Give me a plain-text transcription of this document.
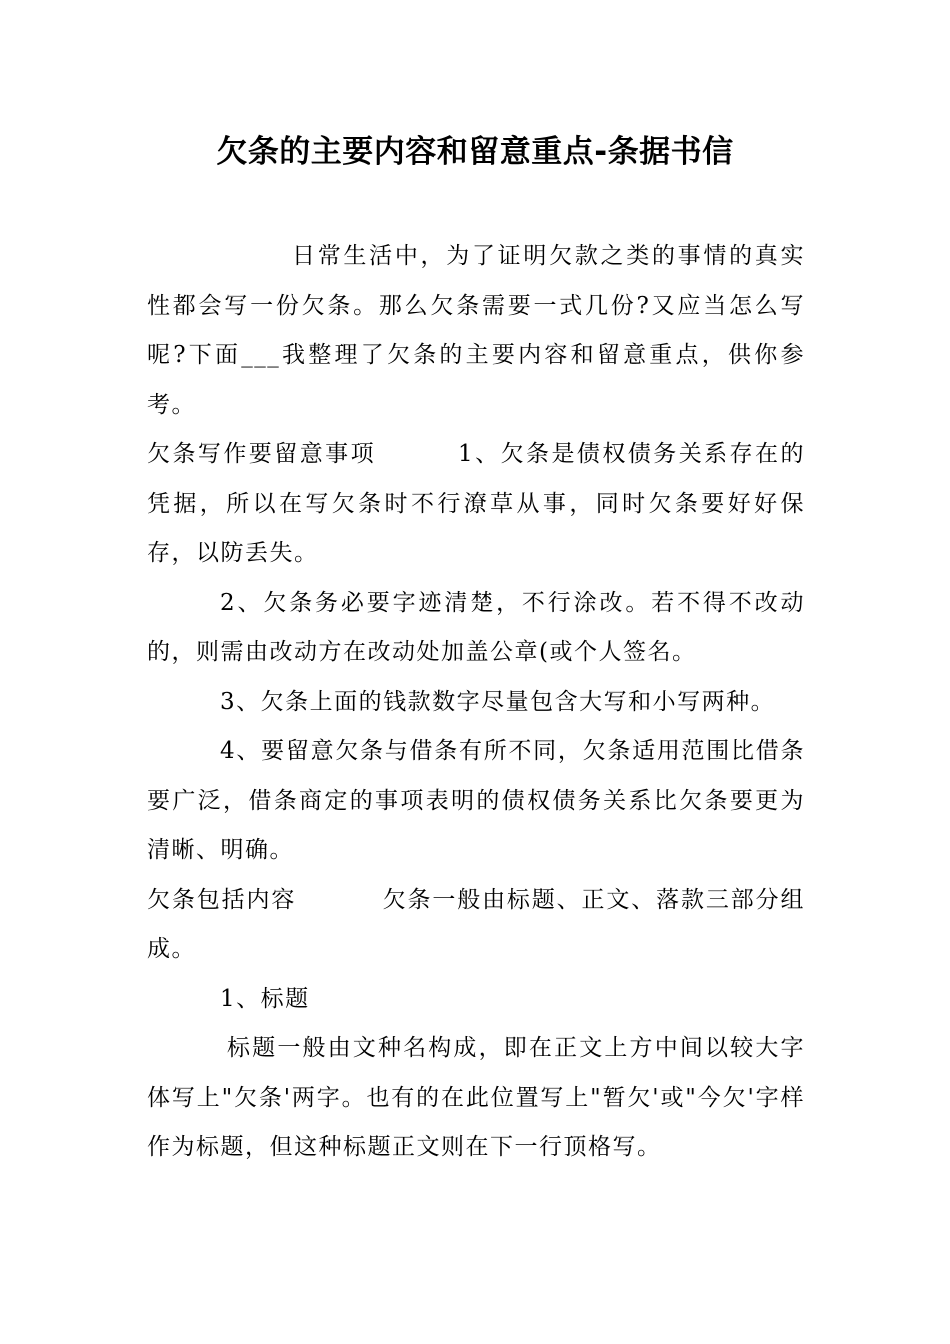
欠条的主要内容和留意重点-条据书信

日常生活中，为了证明欠款之类的事情的真实性都会写一份欠条。那么欠条需要一式几份?又应当怎么写呢?下面___我整理了欠条的主要内容和留意重点，供你参考。

欠条写作要留意事项	1、欠条是债权债务关系存在的凭据，所以在写欠条时不行潦草从事，同时欠条要好好保存，以防丢失。

2、欠条务必要字迹清楚，不行涂改。若不得不改动的，则需由改动方在改动处加盖公章(或个人签名。

3、欠条上面的钱款数字尽量包含大写和小写两种。

4、要留意欠条与借条有所不同，欠条适用范围比借条要广泛，借条商定的事项表明的债权债务关系比欠条要更为清晰、明确。

欠条包括内容	欠条一般由标题、正文、落款三部分组成。

1、标题

标题一般由文种名构成，即在正文上方中间以较大字体写上"欠条'两字。也有的在此位置写上"暂欠'或"今欠'字样作为标题，但这种标题正文则在下一行顶格写。
